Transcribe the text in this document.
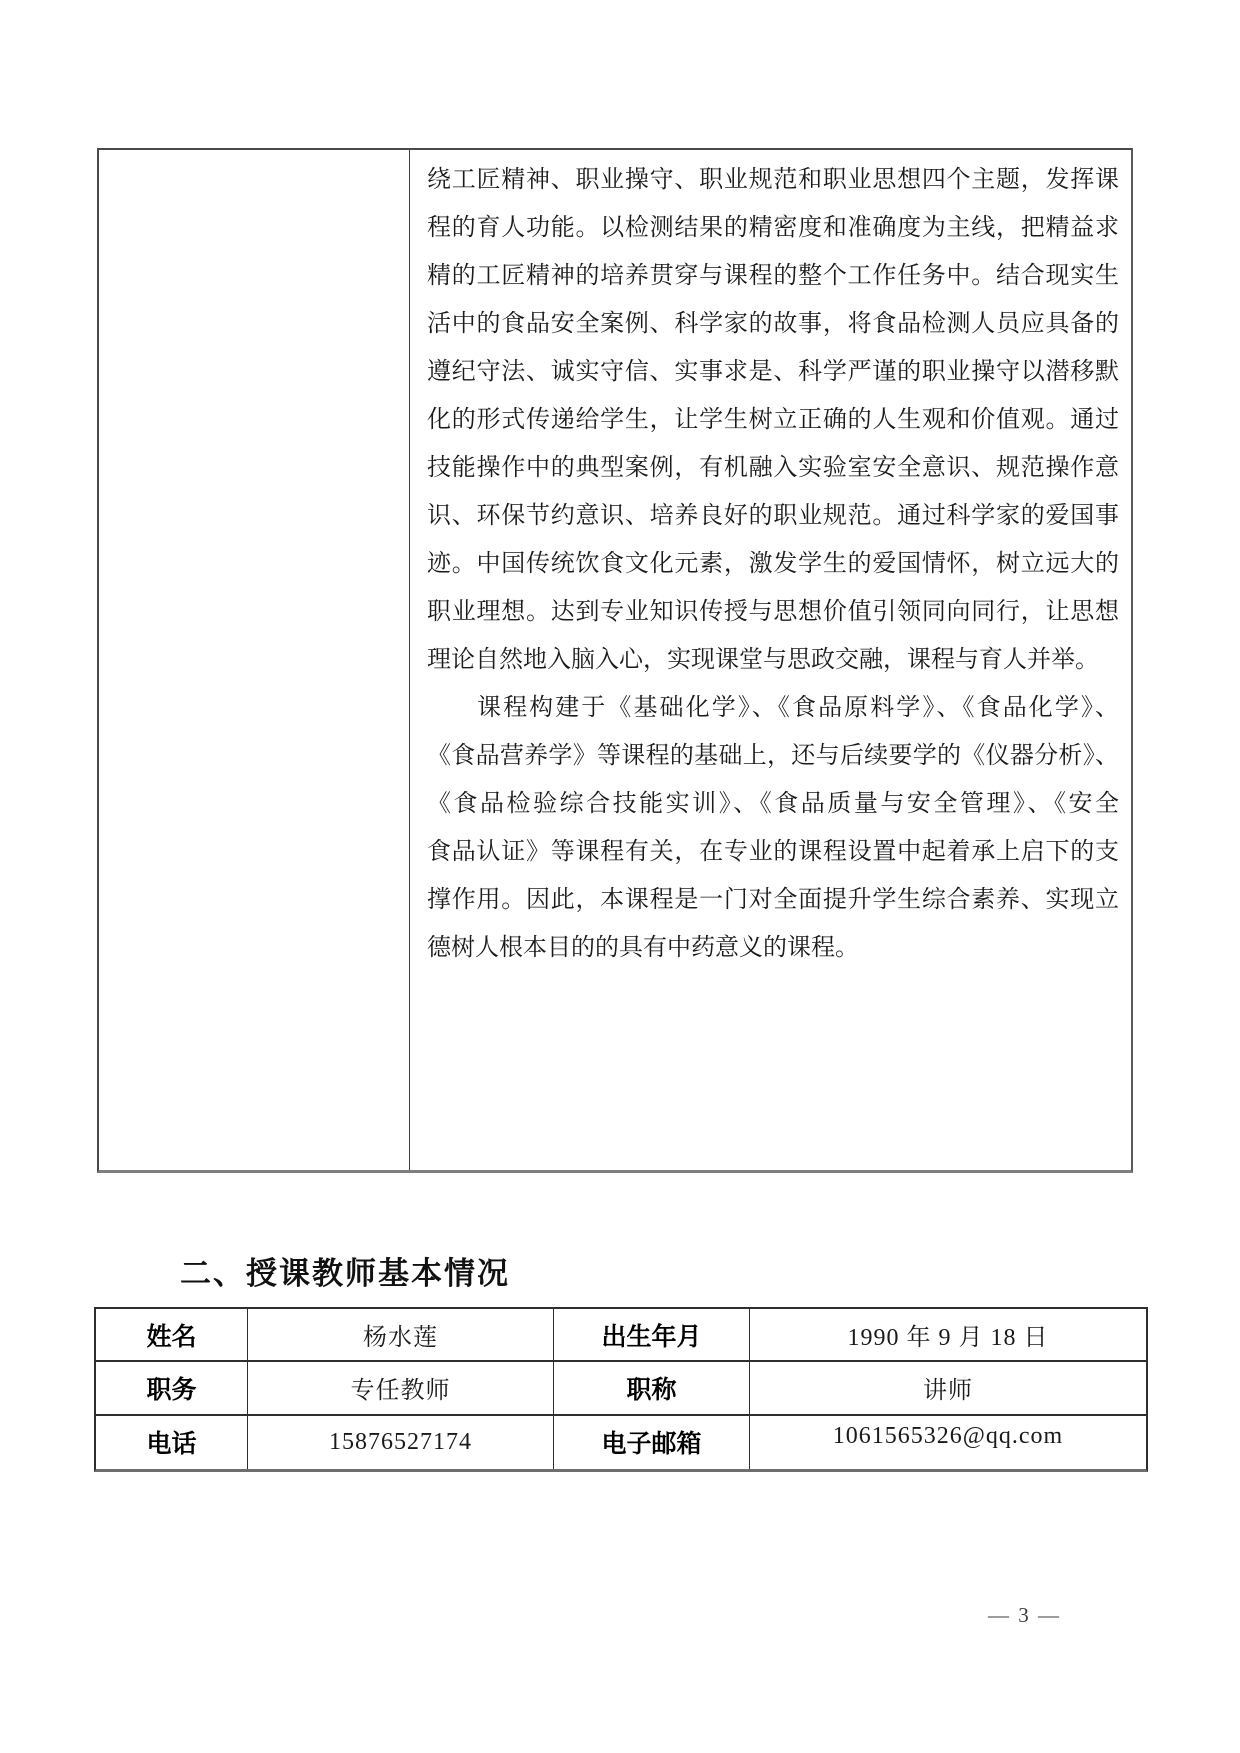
绕工匠精神、职业操守、职业规范和职业思想四个主题，发挥课
程的育人功能。以检测结果的精密度和准确度为主线，把精益求
精的工匠精神的培养贯穿与课程的整个工作任务中。结合现实生
活中的食品安全案例、科学家的故事，将食品检测人员应具备的
遵纪守法、诚实守信、实事求是、科学严谨的职业操守以潜移默
化的形式传递给学生，让学生树立正确的人生观和价值观。通过
技能操作中的典型案例，有机融入实验室安全意识、规范操作意
识、环保节约意识、培养良好的职业规范。通过科学家的爱国事
迹。中国传统饮食文化元素，激发学生的爱国情怀，树立远大的
职业理想。达到专业知识传授与思想价值引领同向同行，让思想
理论自然地入脑入心，实现课堂与思政交融，课程与育人并举。
课程构建于《基础化学》、《食品原料学》、《食品化学》、
《食品营养学》等课程的基础上，还与后续要学的《仪器分析》、
《食品检验综合技能实训》、《食品质量与安全管理》、《安全
食品认证》等课程有关，在专业的课程设置中起着承上启下的支
撑作用。因此，本课程是一门对全面提升学生综合素养、实现立
德树人根本目的的具有中药意义的课程。
二、授课教师基本情况
姓名	杨水莲	出生年月	1990 年 9 月 18 日
职务	专任教师	职称	讲师
电话	15876527174	电子邮箱	1061565326@qq.com
— 3 —
